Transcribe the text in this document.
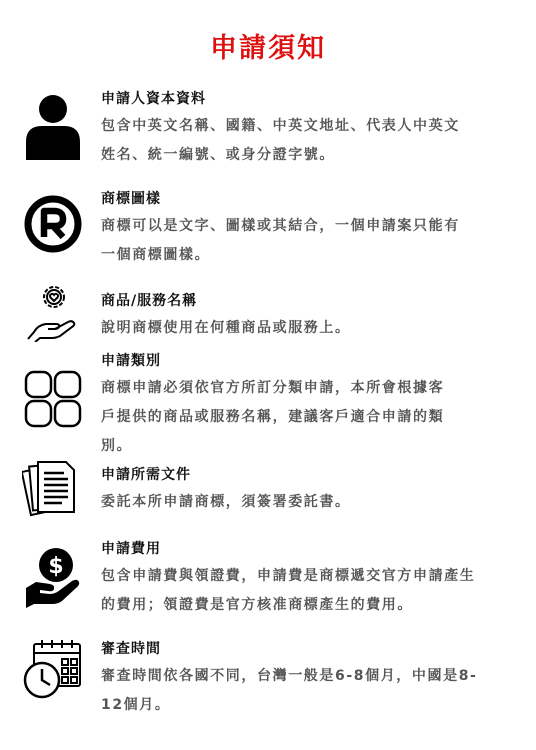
申請須知
申請人資本資料
包含中英文名稱、國籍、中英文地址、代表人中英文
姓名、統一編號、或身分證字號。
商標圖樣
商標可以是文字、圖樣或其結合，一個申請案只能有
一個商標圖樣。
商品/服務名稱
說明商標使用在何種商品或服務上。
申請類別
商標申請必須依官方所訂分類申請，本所會根據客
戶提供的商品或服務名稱，建議客戶適合申請的類
別。
申請所需文件
委託本所申請商標，須簽署委託書。
$
申請費用
包含申請費與領證費，申請費是商標遞交官方申請產生
的費用；領證費是官方核准商標產生的費用。
審查時間
審查時間依各國不同，台灣一般是6-8個月，中國是8-
12個月。
